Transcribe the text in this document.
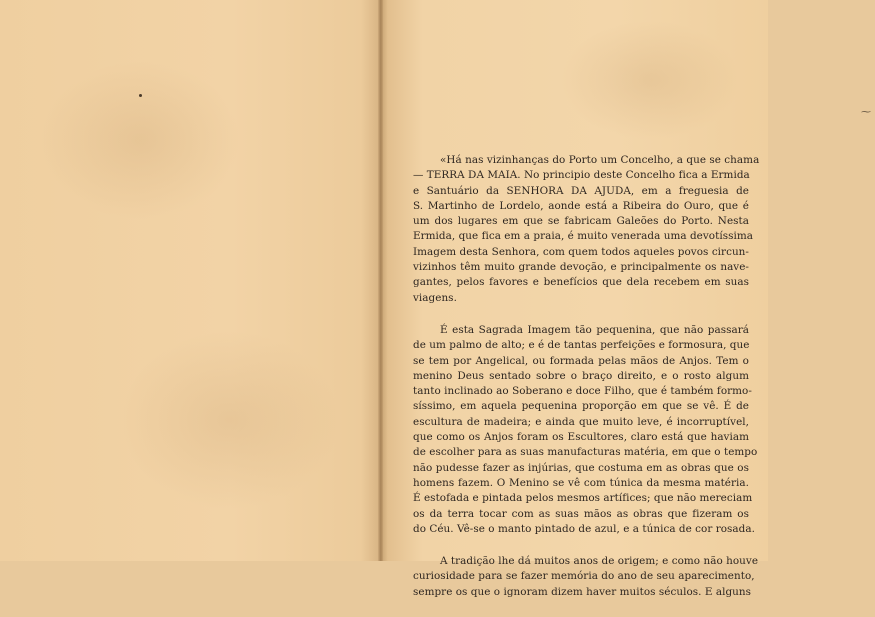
⁓
«Há nas vizinhanças do Porto um Concelho, a que se chama
— TERRA DA MAIA. No principio deste Concelho fica a Ermida
e Santuário da SENHORA DA AJUDA, em a freguesia de
S. Martinho de Lordelo, aonde está a Ribeira do Ouro, que é
um dos lugares em que se fabricam Galeões do Porto. Nesta
Ermida, que fica em a praia, é muito venerada uma devotíssima
Imagem desta Senhora, com quem todos aqueles povos circun-
vizinhos têm muito grande devoção, e principalmente os nave-
gantes, pelos favores e benefícios que dela recebem em suas
viagens.
É esta Sagrada Imagem tão pequenina, que não passará
de um palmo de alto; e é de tantas perfeições e formosura, que
se tem por Angelical, ou formada pelas mãos de Anjos. Tem o
menino Deus sentado sobre o braço direito, e o rosto algum
tanto inclinado ao Soberano e doce Filho, que é também formo-
síssimo, em aquela pequenina proporção em que se vê. É de
escultura de madeira; e ainda que muito leve, é incorruptível,
que como os Anjos foram os Escultores, claro está que haviam
de escolher para as suas manufacturas matéria, em que o tempo
não pudesse fazer as injúrias, que costuma em as obras que os
homens fazem. O Menino se vê com túnica da mesma matéria.
É estofada e pintada pelos mesmos artífices; que não mereciam
os da terra tocar com as suas mãos as obras que fizeram os
do Céu. Vê-se o manto pintado de azul, e a túnica de cor rosada.
A tradição lhe dá muitos anos de origem; e como não houve
curiosidade para se fazer memória do ano de seu aparecimento,
sempre os que o ignoram dizem haver muitos séculos. E alguns
